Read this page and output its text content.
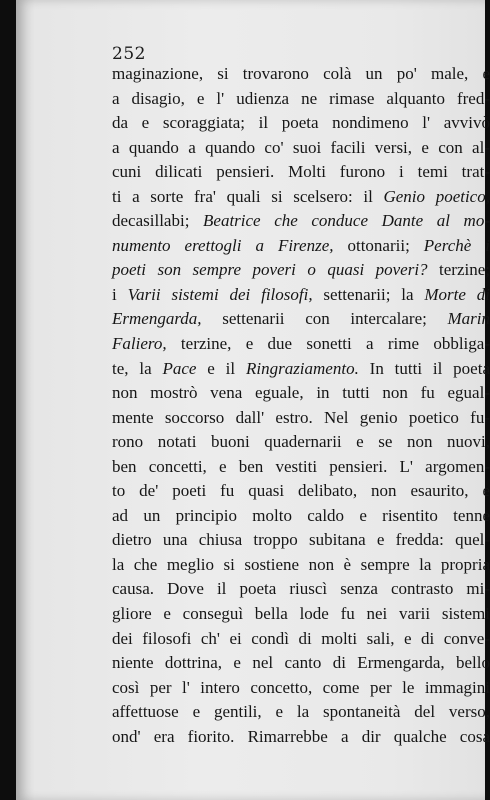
252
maginazione, si trovarono colà un po' male, e
a disagio, e l' udienza ne rimase alquanto fred-
da e scoraggiata; il poeta nondimeno l' avvivò
a quando a quando co' suoi facili versi, e con al-
cuni dilicati pensieri. Molti furono i temi trat-
ti a sorte fra' quali si scelsero: il Genio poetico,
decasillabi; Beatrice che conduce Dante al mo-
numento erettogli a Firenze, ottonarii; Perchè i
poeti son sempre poveri o quasi poveri? terzine;
i Varii sistemi dei filosofi, settenarii; la Morte di
Ermengarda, settenarii con intercalare; Marin
Faliero, terzine, e due sonetti a rime obbliga-
te, la Pace e il Ringraziamento. In tutti il poeta
non mostrò vena eguale, in tutti non fu egual-
mente soccorso dall' estro. Nel genio poetico fu-
rono notati buoni quadernarii e se non nuovi,
ben concetti, e ben vestiti pensieri. L' argomen-
to de' poeti fu quasi delibato, non esaurito, e
ad un principio molto caldo e risentito tenne
dietro una chiusa troppo subitana e fredda: quel-
la che meglio si sostiene non è sempre la propria
causa. Dove il poeta riuscì senza contrasto mi-
gliore e conseguì bella lode fu nei varii sistemi
dei filosofi ch' ei condì di molti sali, e di conve-
niente dottrina, e nel canto di Ermengarda, bello
così per l' intero concetto, come per le immagini
affettuose e gentili, e la spontaneità del verso,
ond' era fiorito. Rimarrebbe a dir qualche cosa
